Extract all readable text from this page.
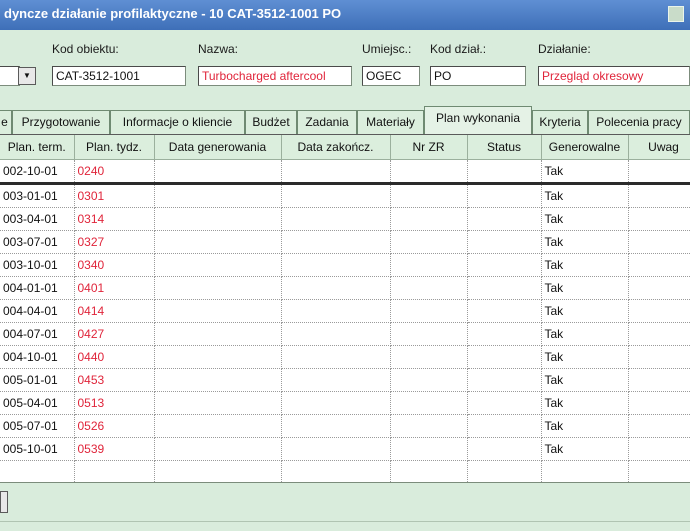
dyncze działanie profilaktyczne - 10 CAT-3512-1001 PO
▼
Kod obiektu:
CAT-3512-1001
Nazwa:
Turbocharged aftercool
Umiejsc.:
OGEC
Kod dział.:
PO
Działanie:
Przegląd okresowy
e	Przygotowanie	Informacje o kliencie	Budżet	Zadania	Materiały	Plan wykonania	Kryteria	Polecenia pracy
Plan. term.	Plan. tydz.	Data generowania	Data zakończ.	Nr ZR	Status	Generowalne	Uwag
002-10-01	0240					Tak	
003-01-01	0301					Tak	
003-04-01	0314					Tak	
003-07-01	0327					Tak	
003-10-01	0340					Tak	
004-01-01	0401					Tak	
004-04-01	0414					Tak	
004-07-01	0427					Tak	
004-10-01	0440					Tak	
005-01-01	0453					Tak	
005-04-01	0513					Tak	
005-07-01	0526					Tak	
005-10-01	0539					Tak	
